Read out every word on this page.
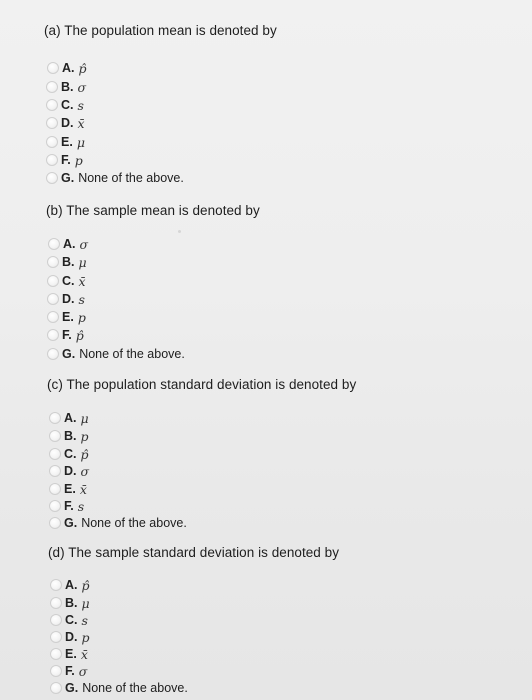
(a) The population mean is denoted by
A. p̂
B. σ
C. s
D. x̄
E. μ
F. p
G. None of the above.
(b) The sample mean is denoted by
A. σ
B. μ
C. x̄
D. s
E. p
F. p̂
G. None of the above.
(c) The population standard deviation is denoted by
A. μ
B. p
C. p̂
D. σ
E. x̄
F. s
G. None of the above.
(d) The sample standard deviation is denoted by
A. p̂
B. μ
C. s
D. p
E. x̄
F. σ
G. None of the above.
